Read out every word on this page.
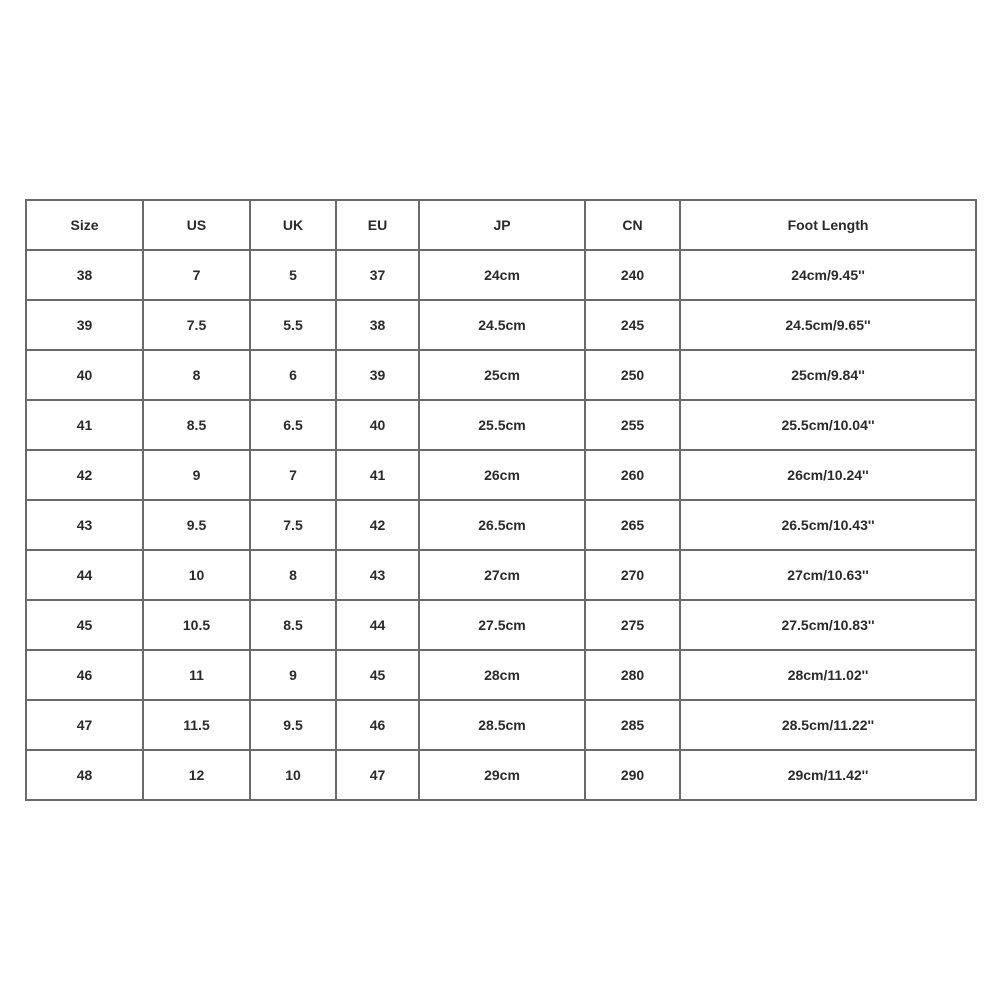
Size	US	UK	EU	JP	CN	Foot Length
38	7	5	37	24cm	240	24cm/9.45''
39	7.5	5.5	38	24.5cm	245	24.5cm/9.65''
40	8	6	39	25cm	250	25cm/9.84''
41	8.5	6.5	40	25.5cm	255	25.5cm/10.04''
42	9	7	41	26cm	260	26cm/10.24''
43	9.5	7.5	42	26.5cm	265	26.5cm/10.43''
44	10	8	43	27cm	270	27cm/10.63''
45	10.5	8.5	44	27.5cm	275	27.5cm/10.83''
46	11	9	45	28cm	280	28cm/11.02''
47	11.5	9.5	46	28.5cm	285	28.5cm/11.22''
48	12	10	47	29cm	290	29cm/11.42''
